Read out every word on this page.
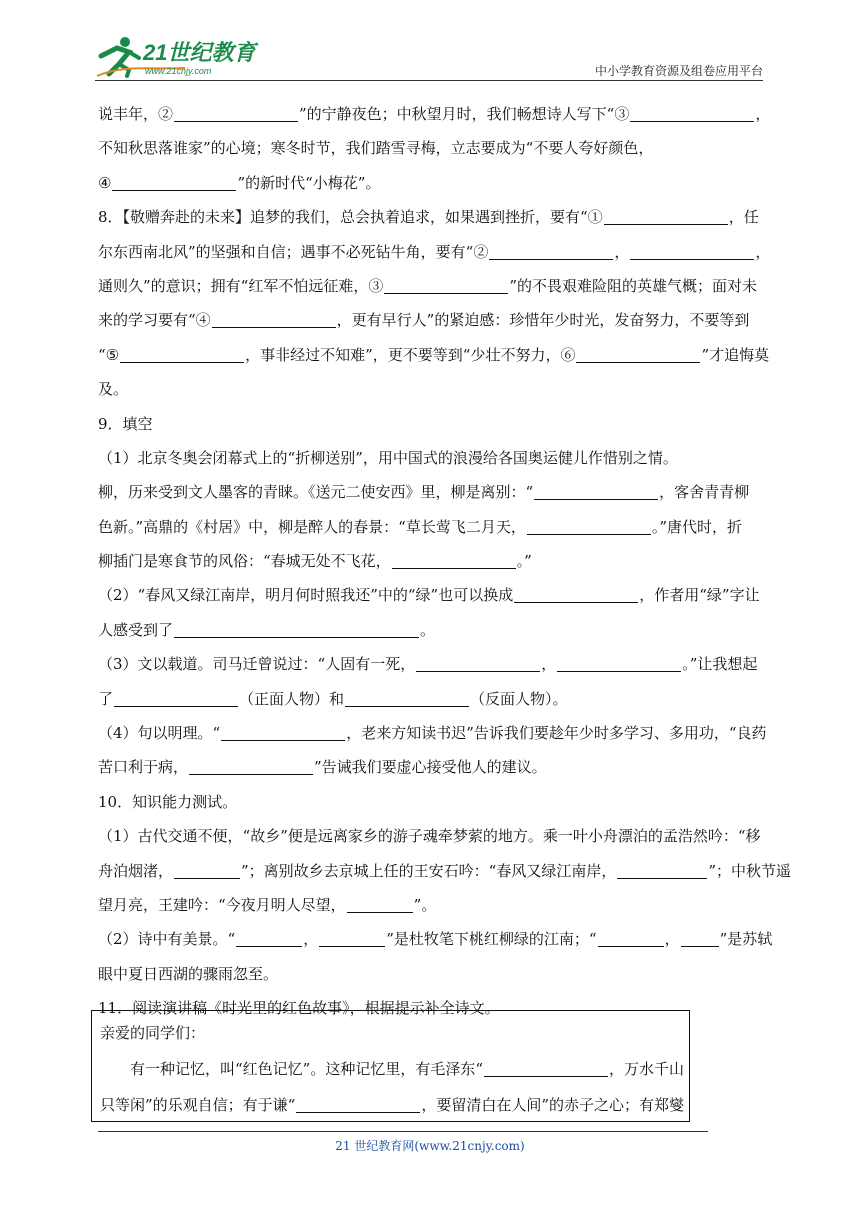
21世纪教育
www.21cnjy.com	中小学教育资源及组卷应用平台
说丰年，②	”的宁静夜色；中秋望月时，我们畅想诗人写下“③	，
不知秋思落谁家”的心境；寒冬时节，我们踏雪寻梅，立志要成为“不要人夸好颜色，
④	”的新时代“小梅花”。
8．【敬赠奔赴的未来】追梦的我们，总会执着追求，如果遇到挫折，要有“①	，任
尔东西南北风”的坚强和自信；遇事不必死钻牛角，要有“②	，	，
通则久”的意识；拥有“红军不怕远征难，③	”的不畏艰难险阻的英雄气概；面对未
来的学习要有“④	，更有早行人”的紧迫感：珍惜年少时光，发奋努力，不要等到
“⑤	，事非经过不知难”，更不要等到“少壮不努力，⑥	”才追悔莫
及。
9．填空
（1）北京冬奥会闭幕式上的“折柳送别”，用中国式的浪漫给各国奥运健儿作惜别之情。
柳，历来受到文人墨客的青睐。《送元二使安西》里，柳是离别：“	，客舍青青柳
色新。”高鼎的《村居》中，柳是醉人的春景：“草长莺飞二月天，	。”唐代时，折
柳插门是寒食节的风俗：“春城无处不飞花，	。”
（2）“春风又绿江南岸，明月何时照我还”中的“绿”也可以换成	，作者用“绿”字让
人感受到了	。
（3）文以载道。司马迁曾说过：“人固有一死，	，	。”让我想起
了	（正面人物）和	（反面人物）。
（4）句以明理。“	，老来方知读书迟”告诉我们要趁年少时多学习、多用功，“良药
苦口利于病，	”告诫我们要虚心接受他人的建议。
10．知识能力测试。
（1）古代交通不便，“故乡”便是远离家乡的游子魂牵梦萦的地方。乘一叶小舟漂泊的孟浩然吟：“移
舟泊烟渚，	”；离别故乡去京城上任的王安石吟：“春风又绿江南岸，	”；中秋节遥
望月亮，王建吟：“今夜月明人尽望，	”。
（2）诗中有美景。“	，	”是杜牧笔下桃红柳绿的江南；“	，	”是苏轼
眼中夏日西湖的骤雨忽至。
11．阅读演讲稿《时光里的红色故事》，根据提示补全诗文。
亲爱的同学们：
　　有一种记忆，叫“红色记忆”。这种记忆里，有毛泽东“	，万水千山
只等闲”的乐观自信；有于谦“	，要留清白在人间”的赤子之心；有郑燮
21 世纪教育网(www.21cnjy.com)
